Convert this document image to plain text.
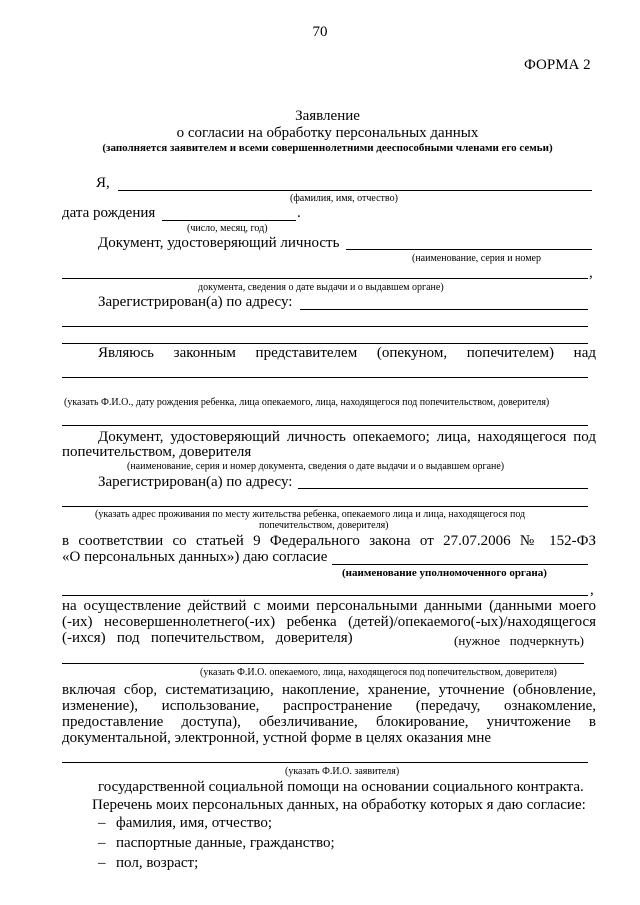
70
ФОРМА 2
Заявление
о согласии на обработку персональных данных
(заполняется заявителем и всеми совершеннолетними дееспособными членами его семьи)
Я,
(фамилия, имя, отчество)
дата рождения	.
(число, месяц, год)
Документ, удостоверяющий личность
(наименование, серия и номер
,
документа, сведения о дате выдачи и о выдавшем органе)
Зарегистрирован(а) по адресу:
Являюсь законным представителем (опекуном, попечителем) над
(указать Ф.И.О., дату рождения ребенка, лица опекаемого, лица, находящегося под попечительством, доверителя)
Документ, удостоверяющий личность опекаемого; лица, находящегося под
попечительством, доверителя
(наименование, серия и номер документа, сведения о дате выдачи и о выдавшем органе)
Зарегистрирован(а) по адресу:
(указать адрес проживания по месту жительства ребенка, опекаемого лица и лица, находящегося под
попечительством, доверителя)
в соответствии со статьей 9 Федерального закона от 27.07.2006 № 152-ФЗ
«О персональных данных») даю согласие
(наименование уполномоченного органа)
,
на осуществление действий с моими персональными данными (данными моего
(-их) несовершеннолетнего(-их) ребенка (детей)/опекаемого(-ых)/находящегося
(-ихся)   под   попечительством,   доверителя)	(нужное   подчеркнуть)
(указать Ф.И.О. опекаемого, лица, находящегося под попечительством, доверителя)
включая сбор, систематизацию, накопление, хранение, уточнение (обновление,
изменение), использование, распространение (передачу, ознакомление,
предоставление доступа), обезличивание, блокирование, уничтожение в
документальной, электронной, устной форме в целях оказания мне
(указать Ф.И.О. заявителя)
государственной социальной помощи на основании социального контракта.
Перечень моих персональных данных, на обработку которых я даю согласие:
– фамилия, имя, отчество;
– паспортные данные, гражданство;
– пол, возраст;
